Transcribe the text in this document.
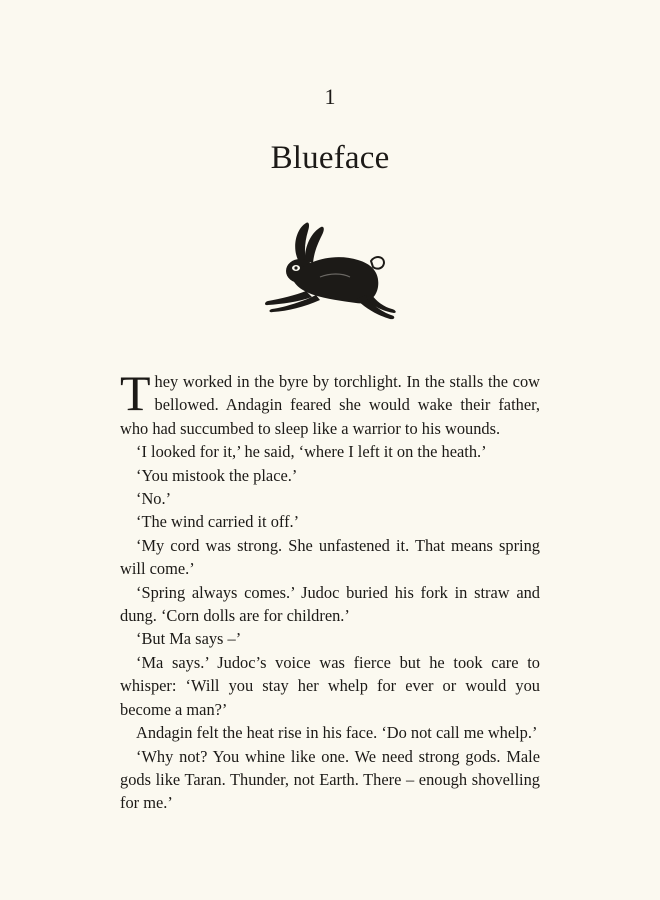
1
Blueface

They worked in the byre by torchlight. In the stalls the cow bellowed. Andagin feared she would wake their father, who had succumbed to sleep like a warrior to his wounds.

‘I looked for it,’ he said, ‘where I left it on the heath.’

‘You mistook the place.’

‘No.’

‘The wind carried it off.’

‘My cord was strong. She unfastened it. That means spring will come.’

‘Spring always comes.’ Judoc buried his fork in straw and dung. ‘Corn dolls are for children.’

‘But Ma says –’

‘Ma says.’ Judoc’s voice was fierce but he took care to whisper: ‘Will you stay her whelp for ever or would you become a man?’

Andagin felt the heat rise in his face. ‘Do not call me whelp.’

‘Why not? You whine like one. We need strong gods. Male gods like Taran. Thunder, not Earth. There – enough shovelling for me.’
